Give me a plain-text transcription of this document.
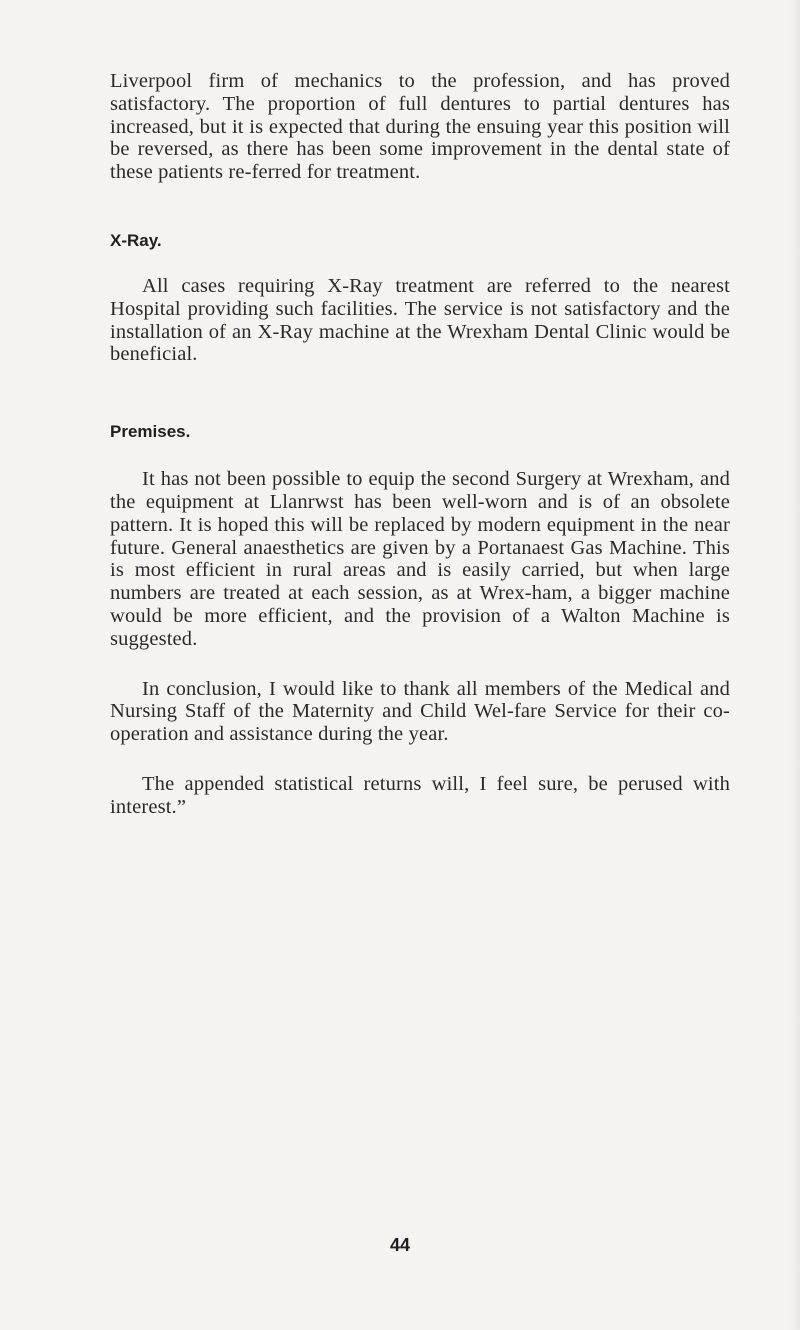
Liverpool firm of mechanics to the profession, and has proved satisfactory. The proportion of full dentures to partial dentures has increased, but it is expected that during the ensuing year this position will be reversed, as there has been some improvement in the dental state of these patients re-ferred for treatment.

X-Ray.

All cases requiring X-Ray treatment are referred to the nearest Hospital providing such facilities. The service is not satisfactory and the installation of an X-Ray machine at the Wrexham Dental Clinic would be beneficial.

Premises.

It has not been possible to equip the second Surgery at Wrexham, and the equipment at Llanrwst has been well-worn and is of an obsolete pattern. It is hoped this will be replaced by modern equipment in the near future. General anaesthetics are given by a Portanaest Gas Machine. This is most efficient in rural areas and is easily carried, but when large numbers are treated at each session, as at Wrex-ham, a bigger machine would be more efficient, and the provision of a Walton Machine is suggested.

In conclusion, I would like to thank all members of the Medical and Nursing Staff of the Maternity and Child Wel-fare Service for their co-operation and assistance during the year.

The appended statistical returns will, I feel sure, be perused with interest.”

44
